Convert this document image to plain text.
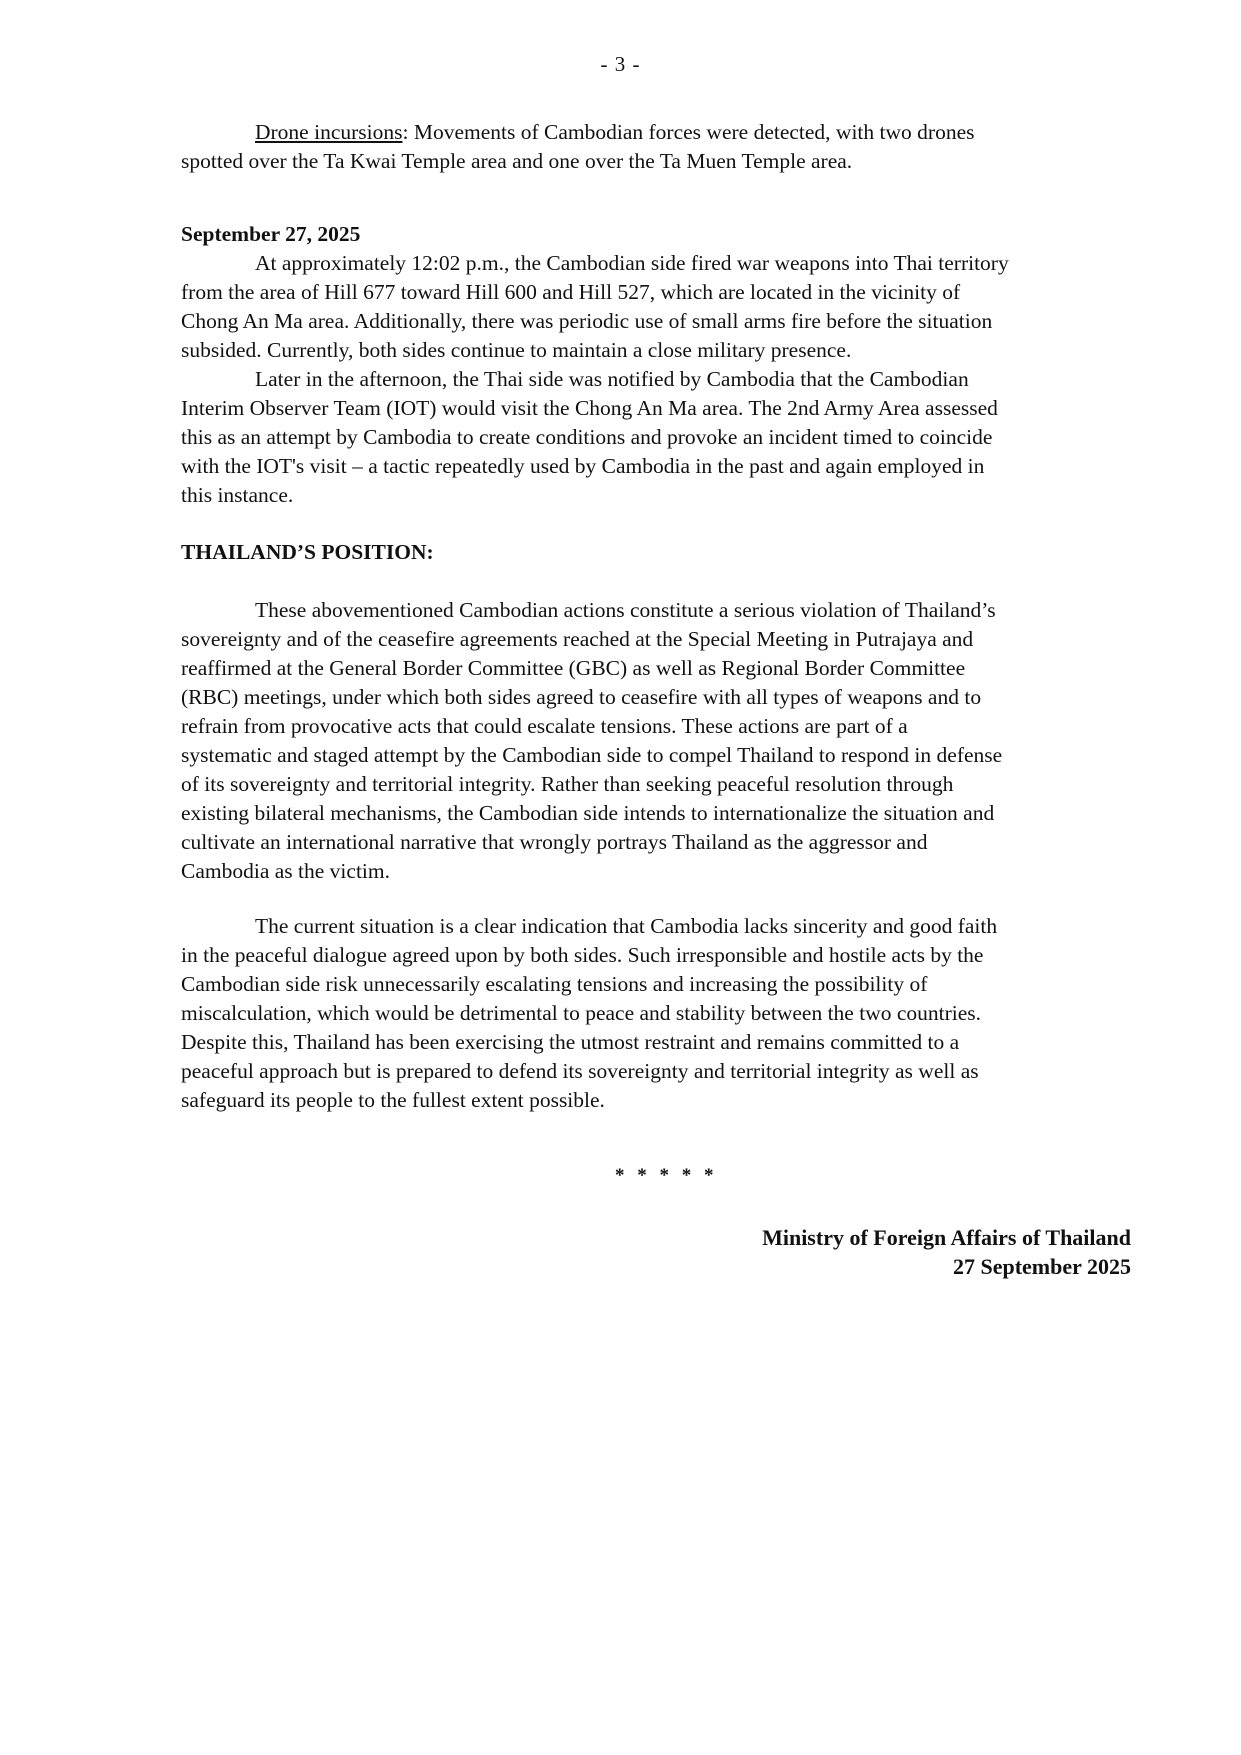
- 3 -
Drone incursions: Movements of Cambodian forces were detected, with two drones
spotted over the Ta Kwai Temple area and one over the Ta Muen Temple area.
September 27, 2025
At approximately 12:02 p.m., the Cambodian side fired war weapons into Thai territory
from the area of Hill 677 toward Hill 600 and Hill 527, which are located in the vicinity of
Chong An Ma area. Additionally, there was periodic use of small arms fire before the situation
subsided. Currently, both sides continue to maintain a close military presence.
Later in the afternoon, the Thai side was notified by Cambodia that the Cambodian
Interim Observer Team (IOT) would visit the Chong An Ma area. The 2nd Army Area assessed
this as an attempt by Cambodia to create conditions and provoke an incident timed to coincide
with the IOT's visit – a tactic repeatedly used by Cambodia in the past and again employed in
this instance.
THAILAND’S POSITION:
These abovementioned Cambodian actions constitute a serious violation of Thailand’s
sovereignty and of the ceasefire agreements reached at the Special Meeting in Putrajaya and
reaffirmed at the General Border Committee (GBC) as well as Regional Border Committee
(RBC) meetings, under which both sides agreed to ceasefire with all types of weapons and to
refrain from provocative acts that could escalate tensions. These actions are part of a
systematic and staged attempt by the Cambodian side to compel Thailand to respond in defense
of its sovereignty and territorial integrity. Rather than seeking peaceful resolution through
existing bilateral mechanisms, the Cambodian side intends to internationalize the situation and
cultivate an international narrative that wrongly portrays Thailand as the aggressor and
Cambodia as the victim.
The current situation is a clear indication that Cambodia lacks sincerity and good faith
in the peaceful dialogue agreed upon by both sides. Such irresponsible and hostile acts by the
Cambodian side risk unnecessarily escalating tensions and increasing the possibility of
miscalculation, which would be detrimental to peace and stability between the two countries.
Despite this, Thailand has been exercising the utmost restraint and remains committed to a
peaceful approach but is prepared to defend its sovereignty and territorial integrity as well as
safeguard its people to the fullest extent possible.
* * * * *
Ministry of Foreign Affairs of Thailand
27 September 2025
